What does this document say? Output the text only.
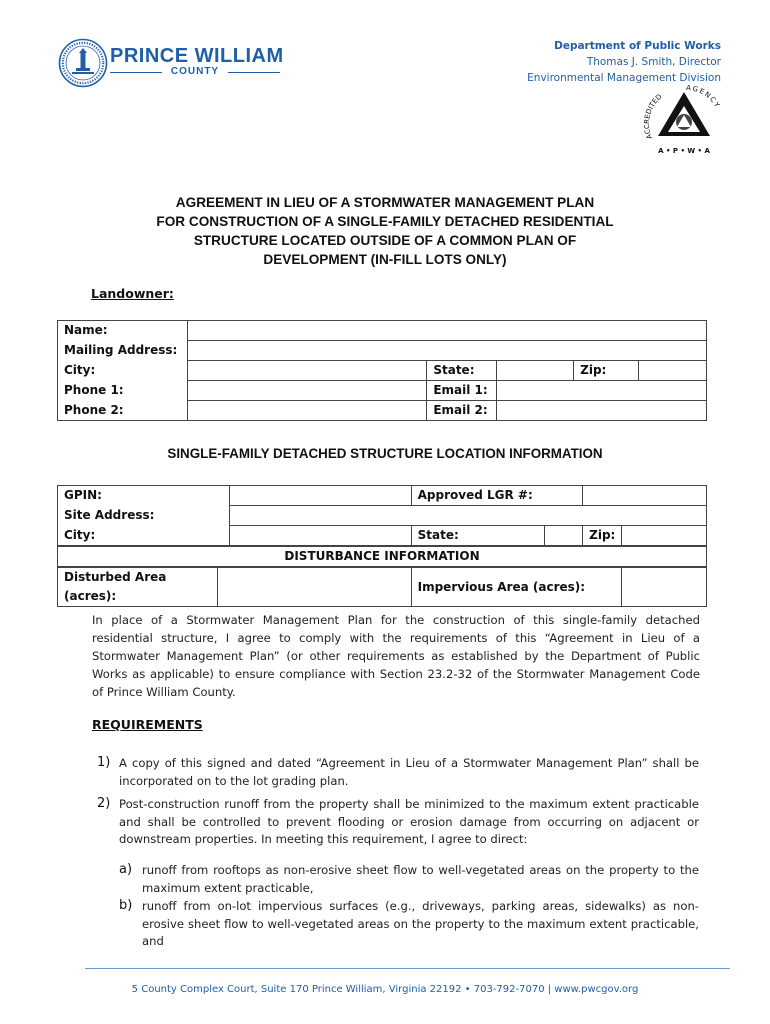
PRINCE WILLIAM
COUNTY
Department of Public Works
Thomas J. Smith, Director
Environmental Management Division
ACCREDITED
AGENCY
A • P • W • A
AGREEMENT IN LIEU OF A STORMWATER MANAGEMENT PLAN
FOR CONSTRUCTION OF A SINGLE-FAMILY DETACHED RESIDENTIAL
STRUCTURE LOCATED OUTSIDE OF A COMMON PLAN OF
DEVELOPMENT (IN-FILL LOTS ONLY)
Landowner:
Name:					
Mailing Address:					
City:		State:		Zip:	
Phone 1:		Email 1:			
Phone 2:		Email 2:			
SINGLE-FAMILY DETACHED STRUCTURE LOCATION INFORMATION
GPIN:			Approved LGR #:			
Site Address:						
City:			State:		Zip:	
DISTURBANCE INFORMATION						
Disturbed Area (acres):			Impervious Area (acres):			
In place of a Stormwater Management Plan for the construction of this single-family detached residential structure, I agree to comply with the requirements of this “Agreement in Lieu of a Stormwater Management Plan” (or other requirements as established by the Department of Public Works as applicable) to ensure compliance with Section 23.2-32 of the Stormwater Management Code of Prince William County.
REQUIREMENTS
1) A copy of this signed and dated “Agreement in Lieu of a Stormwater Management Plan” shall be incorporated on to the lot grading plan.
2) Post-construction runoff from the property shall be minimized to the maximum extent practicable and shall be controlled to prevent flooding or erosion damage from occurring on adjacent or downstream properties. In meeting this requirement, I agree to direct:
a) runoff from rooftops as non-erosive sheet flow to well-vegetated areas on the property to the maximum extent practicable,
b) runoff from on-lot impervious surfaces (e.g., driveways, parking areas, sidewalks) as non-erosive sheet flow to well-vegetated areas on the property to the maximum extent practicable, and
5 County Complex Court, Suite 170 Prince William, Virginia 22192 • 703-792-7070 | www.pwcgov.org
